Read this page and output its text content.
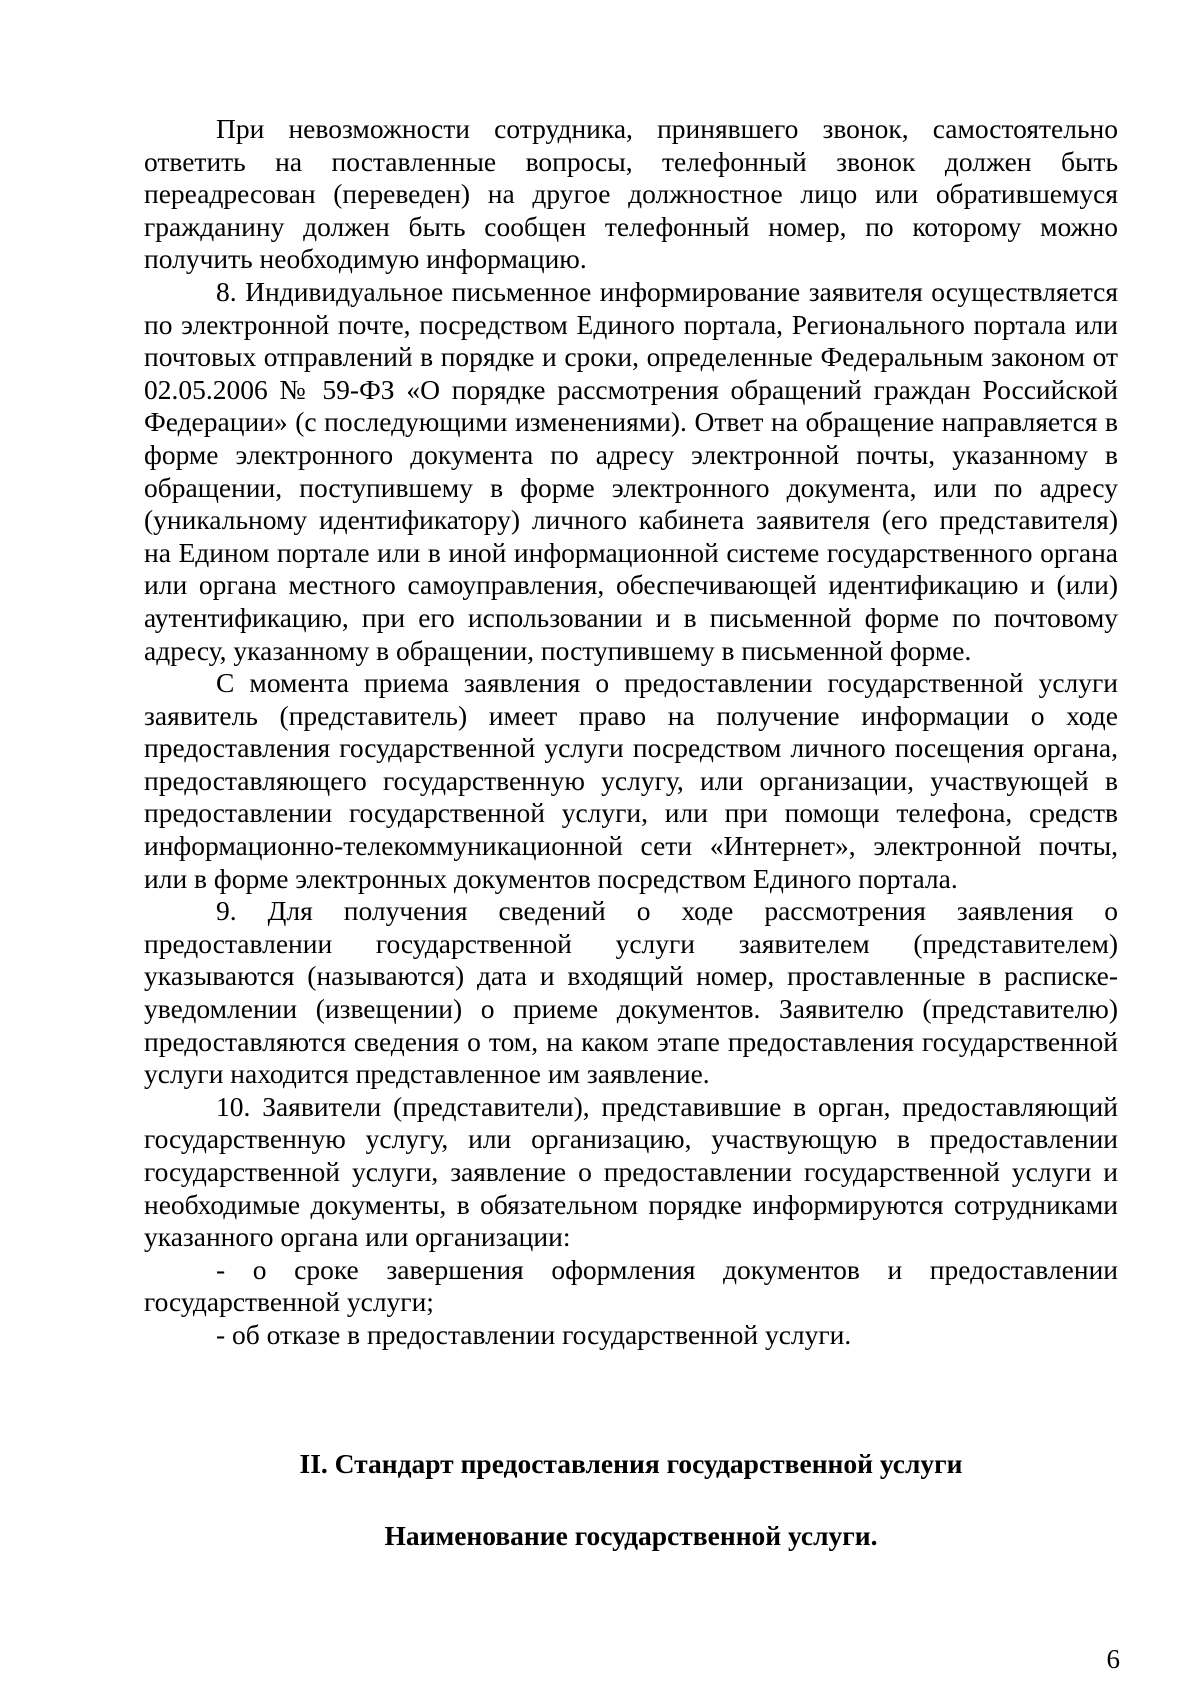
При невозможности сотрудника, принявшего звонок, самостоятельно ответить на поставленные вопросы, телефонный звонок должен быть переадресован (переведен) на другое должностное лицо или обратившемуся гражданину должен быть сообщен телефонный номер, по которому можно получить необходимую информацию.

8. Индивидуальное письменное информирование заявителя осуществляется по электронной почте, посредством Единого портала, Регионального портала или почтовых отправлений в порядке и сроки, определенные Федеральным законом от 02.05.2006 № 59-ФЗ «О порядке рассмотрения обращений граждан Российской Федерации» (с последующими изменениями). Ответ на обращение направляется в форме электронного документа по адресу электронной почты, указанному в обращении, поступившему в форме электронного документа, или по адресу (уникальному идентификатору) личного кабинета заявителя (его представителя) на Едином портале или в иной информационной системе государственного органа или органа местного самоуправления, обеспечивающей идентификацию и (или) аутентификацию, при его использовании и в письменной форме по почтовому адресу, указанному в обращении, поступившему в письменной форме.

С момента приема заявления о предоставлении государственной услуги заявитель (представитель) имеет право на получение информации о ходе предоставления государственной услуги посредством личного посещения органа, предоставляющего государственную услугу, или организации, участвующей в предоставлении государственной услуги, или при помощи телефона, средств информационно-телекоммуникационной сети «Интернет», электронной почты, или в форме электронных документов посредством Единого портала.

9. Для получения сведений о ходе рассмотрения заявления о предоставлении государственной услуги заявителем (представителем) указываются (называются) дата и входящий номер, проставленные в расписке-уведомлении (извещении) о приеме документов. Заявителю (представителю) предоставляются сведения о том, на каком этапе предоставления государственной услуги находится представленное им заявление.

10. Заявители (представители), представившие в орган, предоставляющий государственную услугу, или организацию, участвующую в предоставлении государственной услуги, заявление о предоставлении государственной услуги и необходимые документы, в обязательном порядке информируются сотрудниками указанного органа или организации:

- о сроке завершения оформления документов и предоставлении государственной услуги;

- об отказе в предоставлении государственной услуги.

II. Стандарт предоставления государственной услуги
Наименование государственной услуги.
6
